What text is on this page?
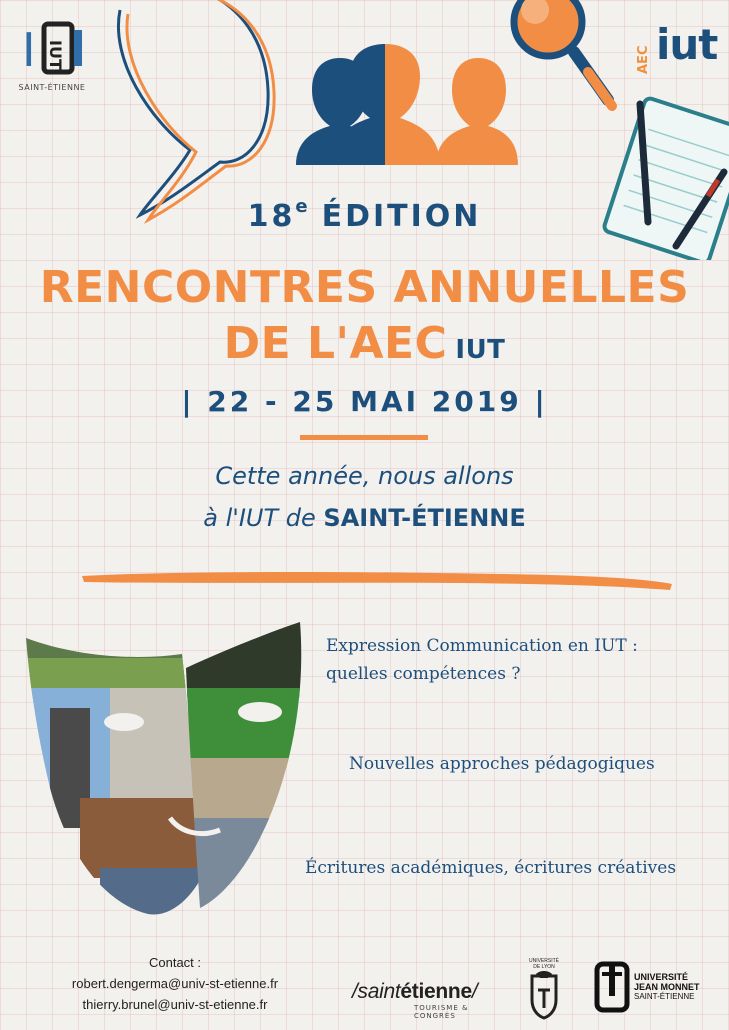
I IUT
SAINT-ÉTIENNE
AEC iut
18e ÉDITION
RENCONTRES ANNUELLES
DE L'AEC IUT
| 22 - 25 MAI 2019 |
Cette année, nous allons
à l'IUT de SAINT-ÉTIENNE
Expression Communication en IUT :
quelles compétences ?
Nouvelles approches pédagogiques
Écritures académiques, écritures créatives
Contact :
robert.dengerma@univ-st-etienne.fr
thierry.brunel@univ-st-etienne.fr
/saintétienne/
TOURISME & CONGRÈS
UNIVERSITÉ
DE LYON
UNIVERSITÉ
JEAN MONNET
SAINT-ÉTIENNE
